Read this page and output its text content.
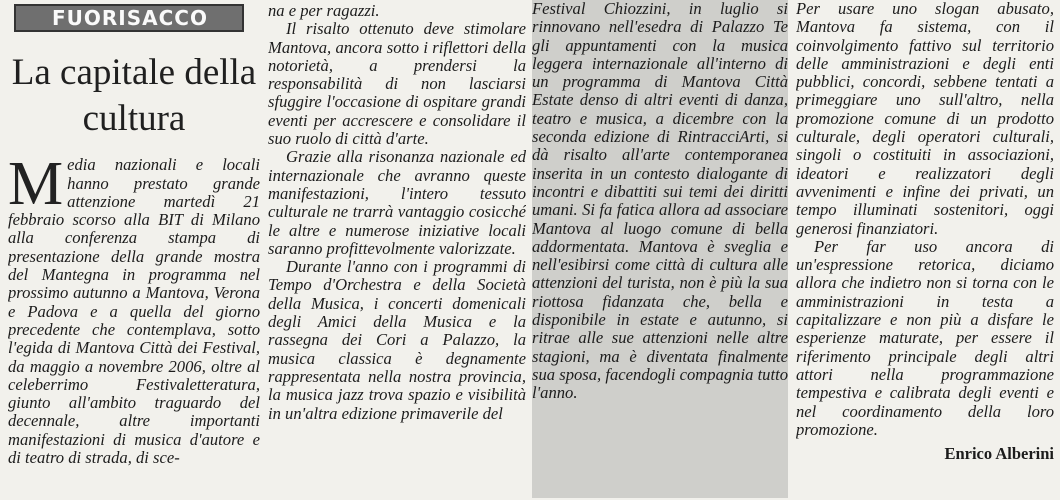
FUORISACCO
La capitale della cultura

Media nazionali e locali hanno prestato grande attenzione martedì 21 febbraio scorso alla BIT di Milano alla conferenza stampa di presentazione della grande mostra del Mantegna in programma nel prossimo autunno a Mantova, Verona e Padova e a quella del giorno precedente che contemplava, sotto l'egida di Mantova Città dei Festival, da maggio a novembre 2006, oltre al celeberrimo Festivaletteratura, giunto all'ambito traguardo del decennale, altre importanti manifestazioni di musica d'autore e di teatro di strada, di sce-

na e per ragazzi.

Il risalto ottenuto deve stimolare Mantova, ancora sotto i riflettori della notorietà, a prendersi la responsabilità di non lasciarsi sfuggire l'occasione di ospitare grandi eventi per accrescere e consolidare il suo ruolo di città d'arte.

Grazie alla risonanza nazionale ed internazionale che avranno queste manifestazioni, l'intero tessuto culturale ne trarrà vantaggio cosicché le altre e numerose iniziative locali saranno profittevolmente valorizzate.

Durante l'anno con i programmi di Tempo d'Orchestra e della Società della Musica, i concerti domenicali degli Amici della Musica e la rassegna dei Cori a Palazzo, la musica classica è degnamente rappresentata nella nostra provincia, la musica jazz trova spazio e visibilità in un'altra edizione primaverile del

Festival Chiozzini, in luglio si rinnovano nell'esedra di Palazzo Te gli appuntamenti con la musica leggera internazionale all'interno di un programma di Mantova Città Estate denso di altri eventi di danza, teatro e musica, a dicembre con la seconda edizione di RintracciArti, si dà risalto all'arte contemporanea inserita in un contesto dialogante di incontri e dibattiti sui temi dei diritti umani. Si fa fatica allora ad associare Mantova al luogo comune di bella addormentata. Mantova è sveglia e nell'esibirsi come città di cultura alle attenzioni del turista, non è più la sua riottosa fidanzata che, bella e disponibile in estate e autunno, si ritrae alle sue attenzioni nelle altre stagioni, ma è diventata finalmente sua sposa, facendogli compagnia tutto l'anno.

Per usare uno slogan abusato, Mantova fa sistema, con il coinvolgimento fattivo sul territorio delle amministrazioni e degli enti pubblici, concordi, sebbene tentati a primeggiare uno sull'altro, nella promozione comune di un prodotto culturale, degli operatori culturali, singoli o costituiti in associazioni, ideatori e realizzatori degli avvenimenti e infine dei privati, un tempo illuminati sostenitori, oggi generosi finanziatori.

Per far uso ancora di un'espressione retorica, diciamo allora che indietro non si torna con le amministrazioni in testa a capitalizzare e non più a disfare le esperienze maturate, per essere il riferimento principale degli altri attori nella programmazione tempestiva e calibrata degli eventi e nel coordinamento della loro promozione.

Enrico Alberini
